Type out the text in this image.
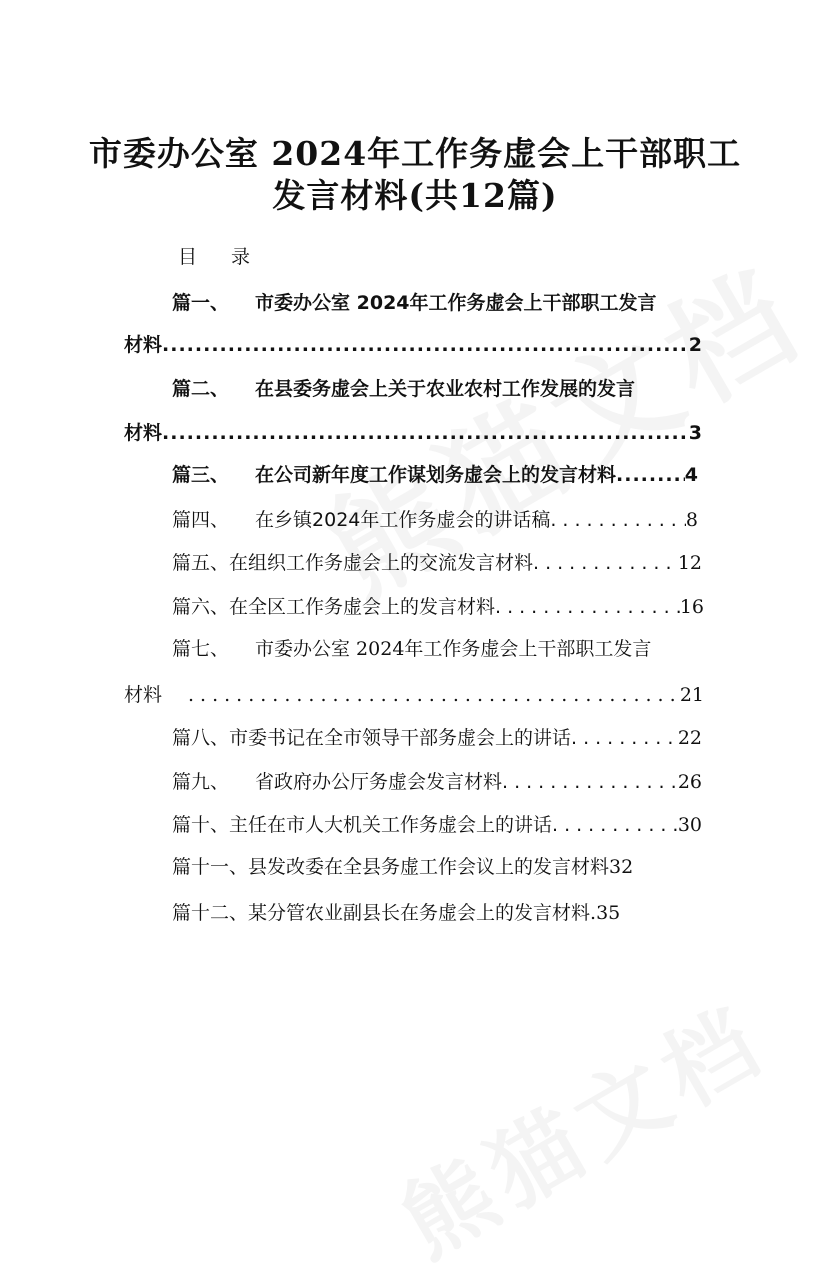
市委办公室 2024年工作务虚会上干部职工
发言材料(共12篇)
目 录
篇一、 市委办公室 2024年工作务虚会上干部职工发言
材料 .....	2
篇二、 在县委务虚会上关于农业农村工作发展的发言
材料 .....	3
篇三、 在公司新年度工作谋划务虚会上的发言材料 .....	4
篇四、 在乡镇2024年工作务虚会的讲话稿 .....	8
篇五、 在组织工作务虚会上的交流发言材料 .....	12
篇六、 在全区工作务虚会上的发言材料 .....	16
篇七、 市委办公室 2024年工作务虚会上干部职工发言
材料 .....	21
篇八、 市委书记在全市领导干部务虚会上的讲话 .....	22
篇九、 省政府办公厅务虚会发言材料 .....	26
篇十、 主任在市人大机关工作务虚会上的讲话 .....	30
篇十一、 县发改委在全县务虚工作会议上的发言材料 32
篇十二、 某分管农业副县长在务虚会上的发言材料 . 35
